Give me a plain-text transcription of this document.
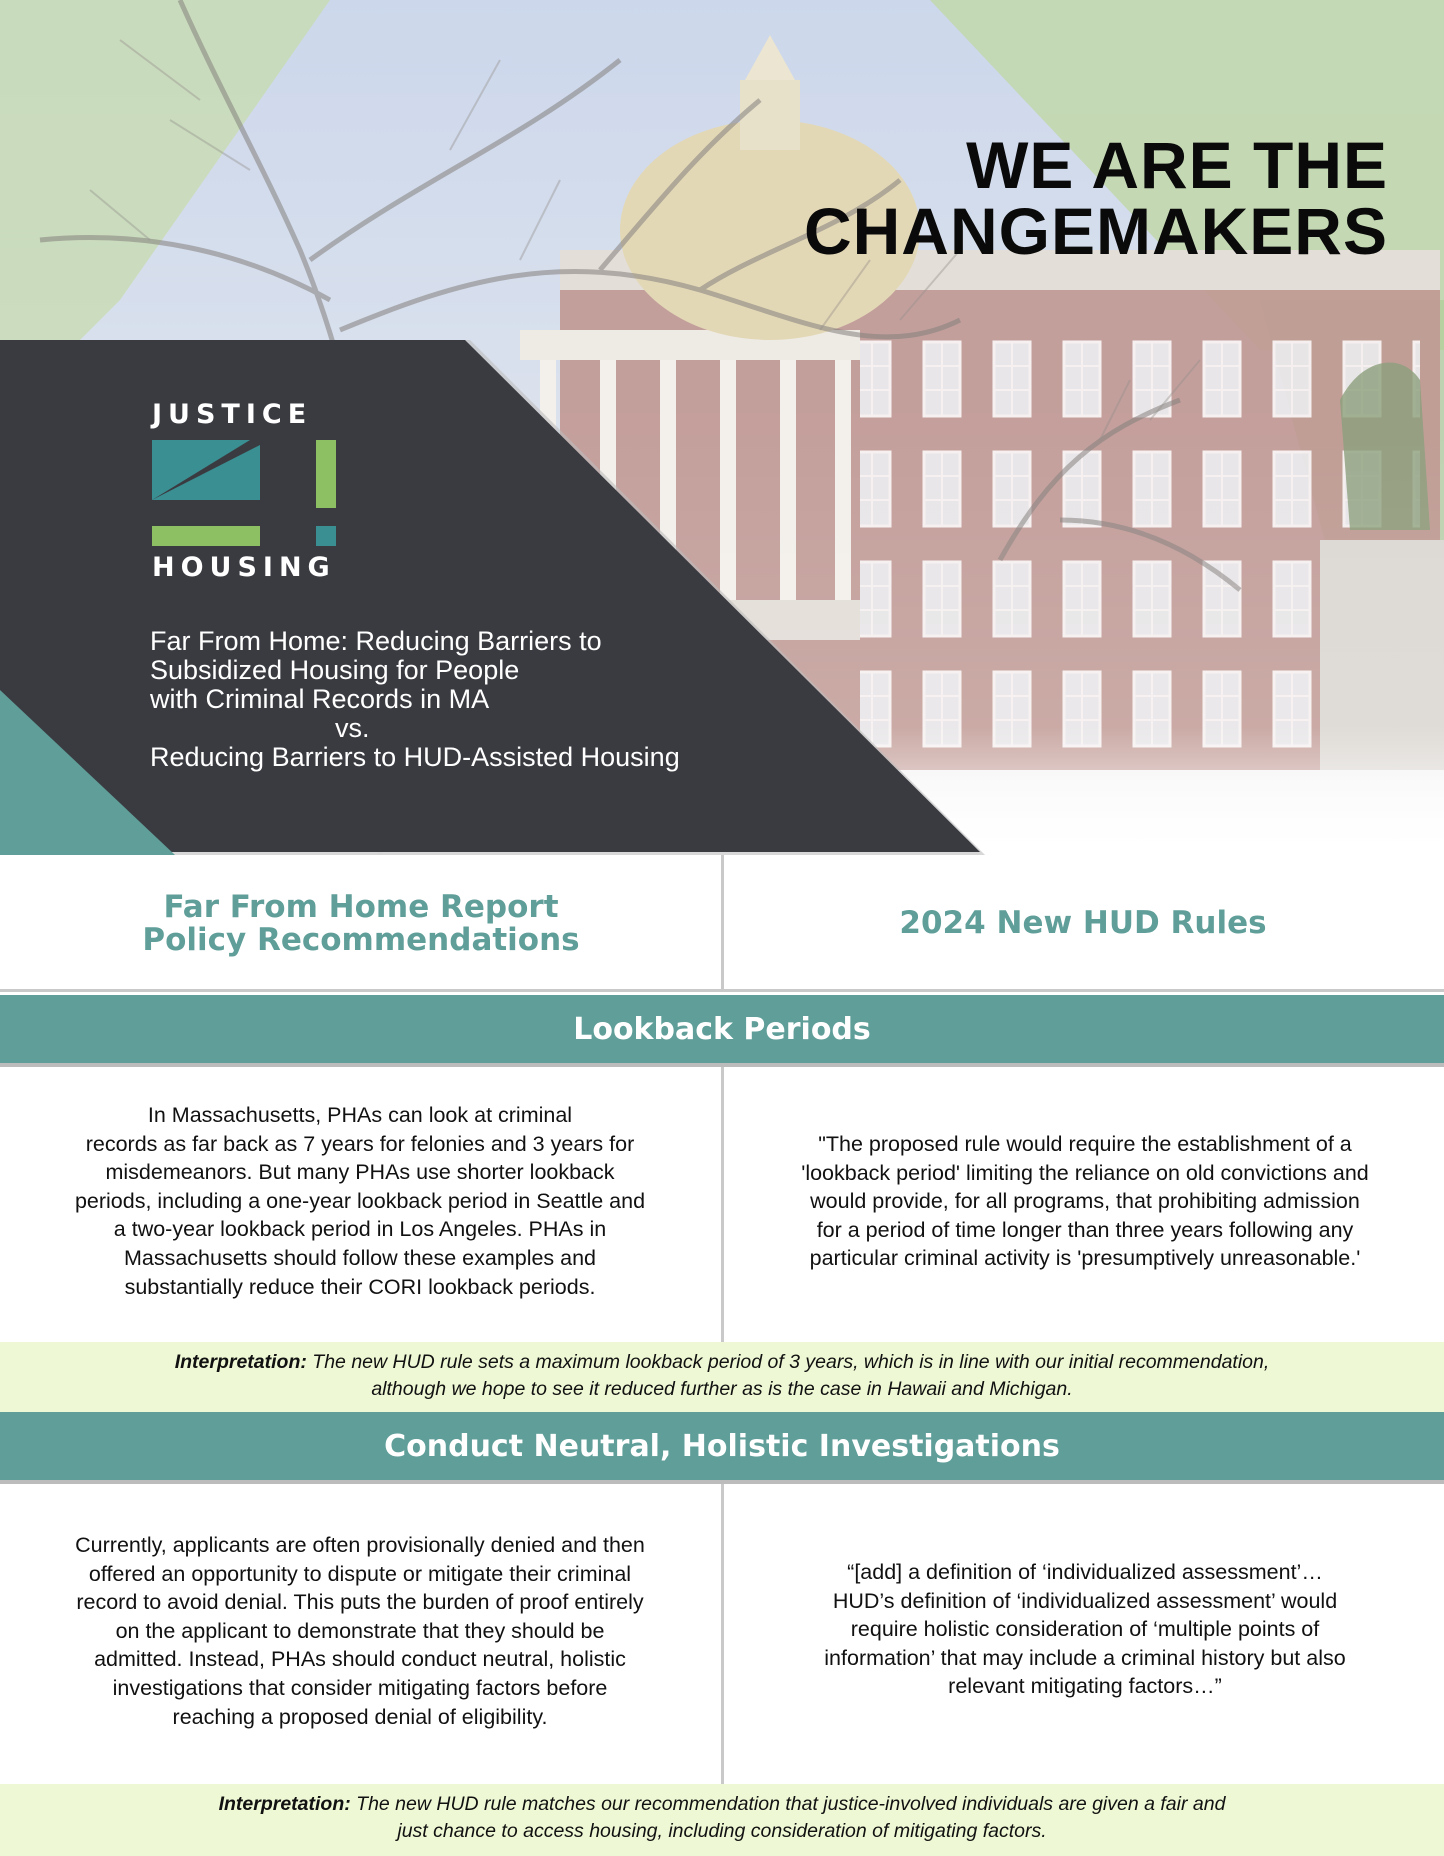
WE ARE THE
CHANGEMAKERS
JUSTICE
HOUSING
Far From Home: Reducing Barriers to
Subsidized Housing for People
with Criminal Records in MA
vs.
Reducing Barriers to HUD-Assisted Housing
Far From Home Report
Policy Recommendations	2024 New HUD Rules
Lookback Periods
In Massachusetts, PHAs can look at criminal
records as far back as 7 years for felonies and 3 years for
misdemeanors. But many PHAs use shorter lookback
periods, including a one-year lookback period in Seattle and
a two-year lookback period in Los Angeles. PHAs in
Massachusetts should follow these examples and
substantially reduce their CORI lookback periods.
"The proposed rule would require the establishment of a
'lookback period' limiting the reliance on old convictions and
would provide, for all programs, that prohibiting admission
for a period of time longer than three years following any
particular criminal activity is 'presumptively unreasonable.'
Interpretation: The new HUD rule sets a maximum lookback period of 3 years, which is in line with our initial recommendation,
although we hope to see it reduced further as is the case in Hawaii and Michigan.
Conduct Neutral, Holistic Investigations
Currently, applicants are often provisionally denied and then
offered an opportunity to dispute or mitigate their criminal
record to avoid denial. This puts the burden of proof entirely
on the applicant to demonstrate that they should be
admitted. Instead, PHAs should conduct neutral, holistic
investigations that consider mitigating factors before
reaching a proposed denial of eligibility.
“[add] a definition of ‘individualized assessment’…
HUD’s definition of ‘individualized assessment’ would
require holistic consideration of ‘multiple points of
information’ that may include a criminal history but also
relevant mitigating factors…”
Interpretation: The new HUD rule matches our recommendation that justice-involved individuals are given a fair and
just chance to access housing, including consideration of mitigating factors.
